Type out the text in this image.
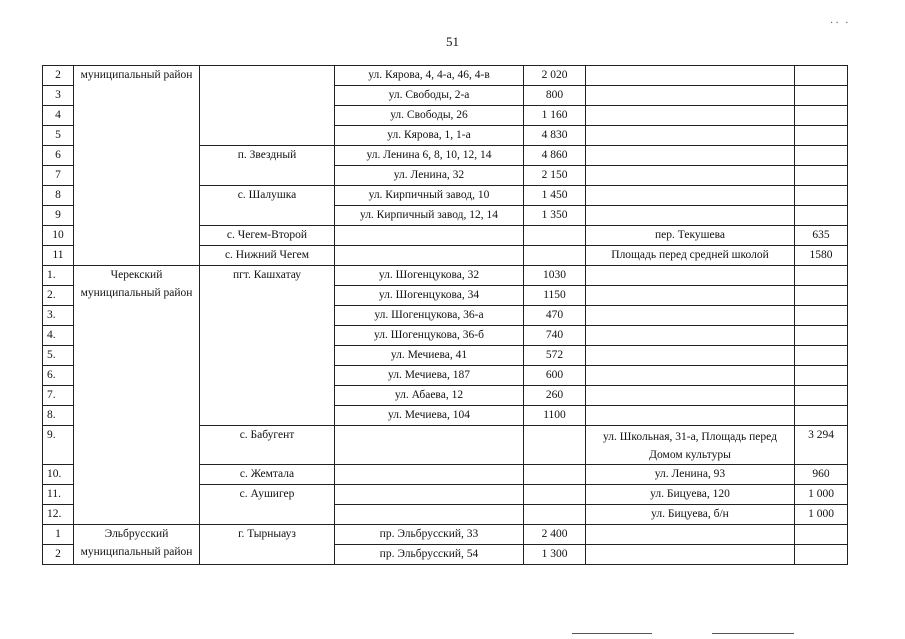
·· ·
51
2	муниципальный район		ул. Кярова, 4, 4-а, 46, 4-в	2 020		
3			ул. Свободы, 2-а	800		
4			ул. Свободы, 26	1 160		
5			ул. Кярова, 1, 1-а	4 830		
6		п. Звездный	ул. Ленина 6, 8, 10, 12, 14	4 860		
7			ул. Ленина, 32	2 150		
8		с. Шалушка	ул. Кирпичный завод, 10	1 450		
9			ул. Кирпичный завод, 12, 14	1 350		
10		с. Чегем-Второй			пер. Текушева	635
11		с. Нижний Чегем			Площадь перед средней школой	1580
1.	Черекский муниципальный район	пгт. Кашхатау	ул. Шогенцукова, 32	1030		
2.			ул. Шогенцукова, 34	1150		
3.			ул. Шогенцукова, 36-а	470		
4.			ул. Шогенцукова, 36-б	740		
5.			ул. Мечиева, 41	572		
6.			ул. Мечиева, 187	600		
7.			ул. Абаева, 12	260		
8.			ул. Мечиева, 104	1100		
9.		с. Бабугент			ул. Школьная, 31-а, Площадь перед Домом культуры	3 294
10.		с. Жемтала			ул. Ленина, 93	960
11.		с. Аушигер			ул. Бицуева, 120	1 000
12.					ул. Бицуева, б/н	1 000
1	Эльбрусский муниципальный район	г. Тырныауз	пр. Эльбрусский, 33	2 400		
2			пр. Эльбрусский, 54	1 300		
